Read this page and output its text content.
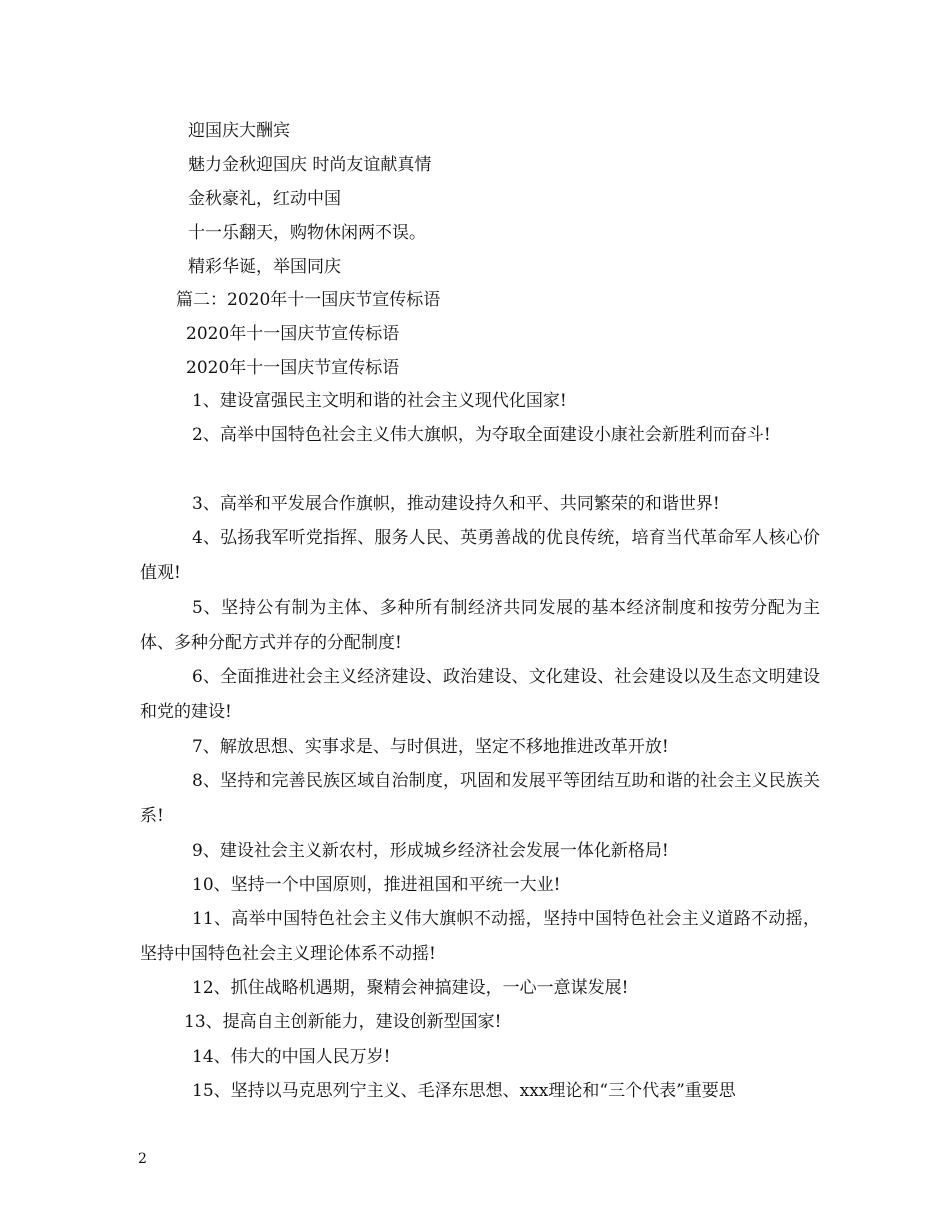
迎国庆大酬宾
魅力金秋迎国庆 时尚友谊献真情
金秋豪礼，红动中国
十一乐翻天，购物休闲两不误。
精彩华诞，举国同庆
篇二：2020年十一国庆节宣传标语
2020年十一国庆节宣传标语
2020年十一国庆节宣传标语
1、建设富强民主文明和谐的社会主义现代化国家!
2、高举中国特色社会主义伟大旗帜，为夺取全面建设小康社会新胜利而奋斗!
3、高举和平发展合作旗帜，推动建设持久和平、共同繁荣的和谐世界!
4、弘扬我军听党指挥、服务人民、英勇善战的优良传统，培育当代革命军人核心价值观!
5、坚持公有制为主体、多种所有制经济共同发展的基本经济制度和按劳分配为主体、多种分配方式并存的分配制度!
6、全面推进社会主义经济建设、政治建设、文化建设、社会建设以及生态文明建设和党的建设!
7、解放思想、实事求是、与时俱进，坚定不移地推进改革开放!
8、坚持和完善民族区域自治制度，巩固和发展平等团结互助和谐的社会主义民族关系!
9、建设社会主义新农村，形成城乡经济社会发展一体化新格局!
10、坚持一个中国原则，推进祖国和平统一大业!
11、高举中国特色社会主义伟大旗帜不动摇，坚持中国特色社会主义道路不动摇，坚持中国特色社会主义理论体系不动摇!
12、抓住战略机遇期，聚精会神搞建设，一心一意谋发展!
13、提高自主创新能力，建设创新型国家!
14、伟大的中国人民万岁!
15、坚持以马克思列宁主义、毛泽东思想、xxx理论和“三个代表”重要思
2
